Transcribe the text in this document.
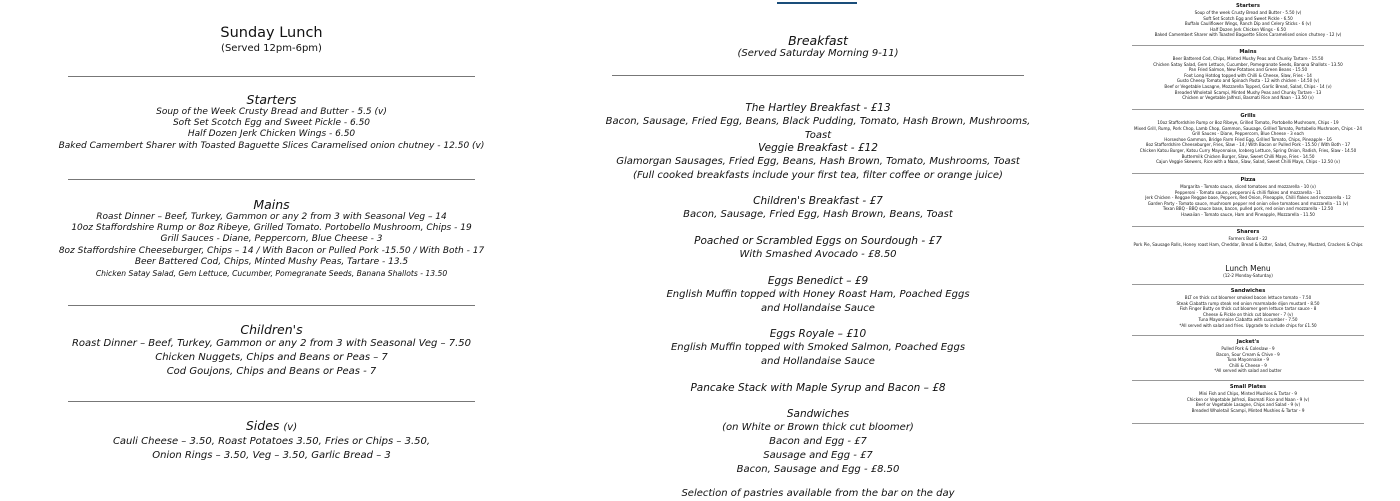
Sunday Lunch
(Served 12pm-6pm)
Starters
Soup of the Week Crusty Bread and Butter - 5.5 (v)
Soft Set Scotch Egg and Sweet Pickle - 6.50
Half Dozen Jerk Chicken Wings - 6.50
Baked Camembert Sharer with Toasted Baguette Slices Caramelised onion chutney - 12.50 (v)
Mains
Roast Dinner – Beef, Turkey, Gammon or any 2 from 3 with Seasonal Veg – 14
10oz Staffordshire Rump or 8oz Ribeye, Grilled Tomato. Portobello Mushroom, Chips - 19
Grill Sauces - Diane, Peppercorn, Blue Cheese - 3
8oz Staffordshire Cheeseburger, Chips – 14 / With Bacon or Pulled Pork -15.50 / With Both - 17
Beer Battered Cod, Chips, Minted Mushy Peas, Tartare - 13.5
Chicken Satay Salad, Gem Lettuce, Cucumber, Pomegranate Seeds, Banana Shallots - 13.50
Children's
Roast Dinner – Beef, Turkey, Gammon or any 2 from 3 with Seasonal Veg – 7.50
Chicken Nuggets, Chips and Beans or Peas – 7
Cod Goujons, Chips and Beans or Peas - 7
Sides (v)
Cauli Cheese – 3.50, Roast Potatoes 3.50, Fries or Chips – 3.50,
Onion Rings – 3.50, Veg – 3.50, Garlic Bread – 3
Breakfast
(Served Saturday Morning 9-11)
The Hartley Breakfast - £13
Bacon, Sausage, Fried Egg, Beans, Black Pudding, Tomato, Hash Brown, Mushrooms, Toast
Veggie Breakfast - £12
Glamorgan Sausages, Fried Egg, Beans, Hash Brown, Tomato, Mushrooms, Toast
(Full cooked breakfasts include your first tea, filter coffee or orange juice)
Children's Breakfast - £7
Bacon, Sausage, Fried Egg, Hash Brown, Beans, Toast
Poached or Scrambled Eggs on Sourdough - £7
With Smashed Avocado - £8.50
Eggs Benedict – £9
English Muffin topped with Honey Roast Ham, Poached Eggs
and Hollandaise Sauce
Eggs Royale – £10
English Muffin topped with Smoked Salmon, Poached Eggs
and Hollandaise Sauce
Pancake Stack with Maple Syrup and Bacon – £8
Sandwiches
(on White or Brown thick cut bloomer)
Bacon and Egg - £7
Sausage and Egg - £7
Bacon, Sausage and Egg - £8.50
Selection of pastries available from the bar on the day
Starters
Soup of the week Crusty Bread and Butter - 5.50 (v)
Soft Set Scotch Egg and Sweet Pickle - 6.50
Buffalo Cauliflower Wings, Ranch Dip and Celery Sticks - 6 (v)
Half Dozen Jerk Chicken Wings - 6.50
Baked Camembert Sharer with Toasted Baguette Slices Caramelised onion chutney - 12 (v)
Mains
Beer Battered Cod, Chips, Minted Mushy Peas and Chunky Tartare - 15.50
Chicken Satay Salad, Gem Lettuce, Cucumber, Pomegranate Seeds, Banana Shallots - 13.50
Pan Fried Salmon, New Potatoes and Green Beans - 15.50
Foot Long Hotdog topped with Chilli & Cheese, Slaw, Fries - 14
Gusto Cheesy Tomato and Spinach Pasta - 12 with chicken - 14.50 (v)
Beef or Vegetable Lasagne, Mozzarella Topped, Garlic Bread, Salad, Chips - 14 (v)
Breaded Wholetail Scampi, Minted Mushy Peas and Chunky Tartare - 13
Chicken or Vegetable Jalfrezi, Basmati Rice and Naan - 13.50 (v)
Grills
10oz Staffordshire Rump or 8oz Ribeye, Grilled Tomato, Portobello Mushroom, Chips - 19
Mixed Grill, Rump, Pork Chop, Lamb Chop, Gammon, Sausage, Grilled Tomato, Portobello Mushroom, Chips - 24
Grill Sauces - Diane, Peppercorn, Blue Cheese - 3 each
Horseshoe Gammon, Bridge Farm Fried Egg, Grilled Tomato, Chips, Pineapple - 16
8oz Staffordshire Cheeseburger, Fries, Slaw - 14 / With Bacon or Pulled Pork - 15.50 / With Both - 17
Chicken Katsu Burger, Katsu Curry Mayonnaise, Iceberg Lettuce, Spring Onion, Radish, Fries, Slaw - 14.50
Buttermilk Chicken Burger, Slaw, Sweet Chilli Mayo, Fries - 14.50
Cajun Veggie Skewers, Rice with a Naan, Slaw, Salad, Sweet Chilli Mayo, Chips - 12.50 (v)
Pizza
Margarita - Tomato sauce, sliced tomatoes and mozzarella - 10 (v)
Pepperoni - Tomato sauce, pepperoni & chilli flakes and mozzarella - 11
Jerk Chicken - Reggae Reggae base, Peppers, Red Onion, Pineapple, Chilli flakes and mozzarella - 12
Garden Party - Tomato sauce, mushroom pepper red onion olive tomatoes and mozzarella - 11 (v)
Texan BBQ - BBQ sauce base, bacon, pulled pork, red onion and mozzarella - 12.50
Hawaiian - Tomato sauce, Ham and Pineapple, Mozzarella - 11.50
Sharers
Farmers Board - 22
Pork Pie, Sausage Rolls, Honey roast Ham, Cheddar, Bread & Butter, Salad, Chutney, Mustard, Crackers & Chips
Lunch Menu
(12-2 Monday-Saturday)
Sandwiches
BLT on thick cut bloomer smoked bacon lettuce tomato - 7.50
Steak Ciabatta rump steak red onion marmalade dijon mustard - 8.50
Fish Finger Butty on thick cut bloomer gem lettuce tartar sauce - 8
Cheese & Pickle on thick cut bloomer - 7 (v)
Tuna Mayonnaise Ciabatta with cucumber - 7.50
*All served with salad and fries. Upgrade to include chips for £1.50
Jacket's
Pulled Pork & Coleslaw - 9
Bacon, Sour Cream & Chive - 9
Tuna Mayonnaise - 9
Chilli & Cheese - 9
*All served with salad and butter
Small Plates
Mini Fish and Chips, Minted Mushies & Tartar - 9
Chicken or Vegetable Jalfrezi, Basmati Rice and Naan - 9 (v)
Beef or Vegetable Lasagne, Chips and Salad - 9 (v)
Breaded Wholetail Scampi, Minted Mushies & Tartar - 9
